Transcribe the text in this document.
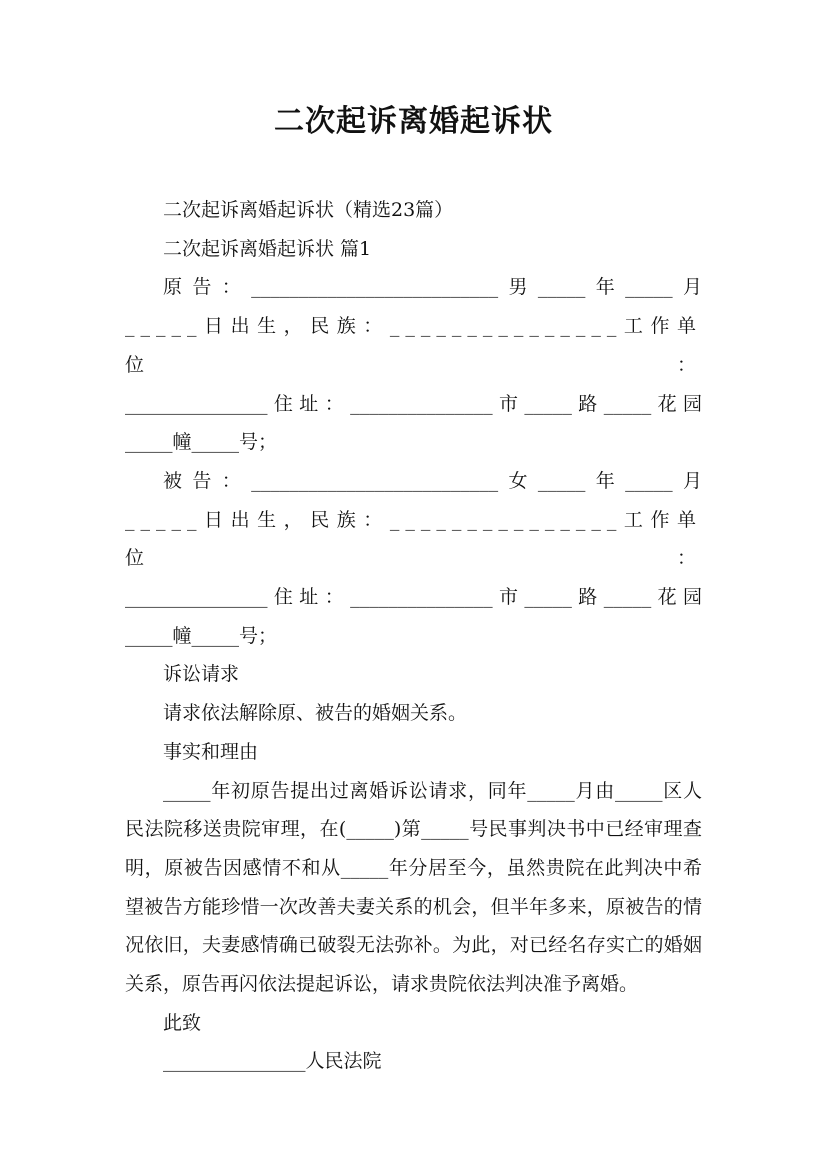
二次起诉离婚起诉状

二次起诉离婚起诉状（精选23篇）

二次起诉离婚起诉状 篇1

原告：__________________________男_____年_____月

_____日出生，民族：_______________工作单位：

_______________住址：_______________市_____路_____花园

_____幢_____号；

被告：__________________________女_____年_____月

_____日出生，民族：_______________工作单位：

_______________住址：_______________市_____路_____花园

_____幢_____号；

诉讼请求

请求依法解除原、被告的婚姻关系。

事实和理由

_____年初原告提出过离婚诉讼请求，同年_____月由_____区人民法院移送贵院审理，在(_____)第_____号民事判决书中已经审理查明，原被告因感情不和从_____年分居至今，虽然贵院在此判决中希望被告方能珍惜一次改善夫妻关系的机会，但半年多来，原被告的情况依旧，夫妻感情确已破裂无法弥补。为此，对已经名存实亡的婚姻关系，原告再闪依法提起诉讼，请求贵院依法判决准予离婚。

此致

_______________人民法院
